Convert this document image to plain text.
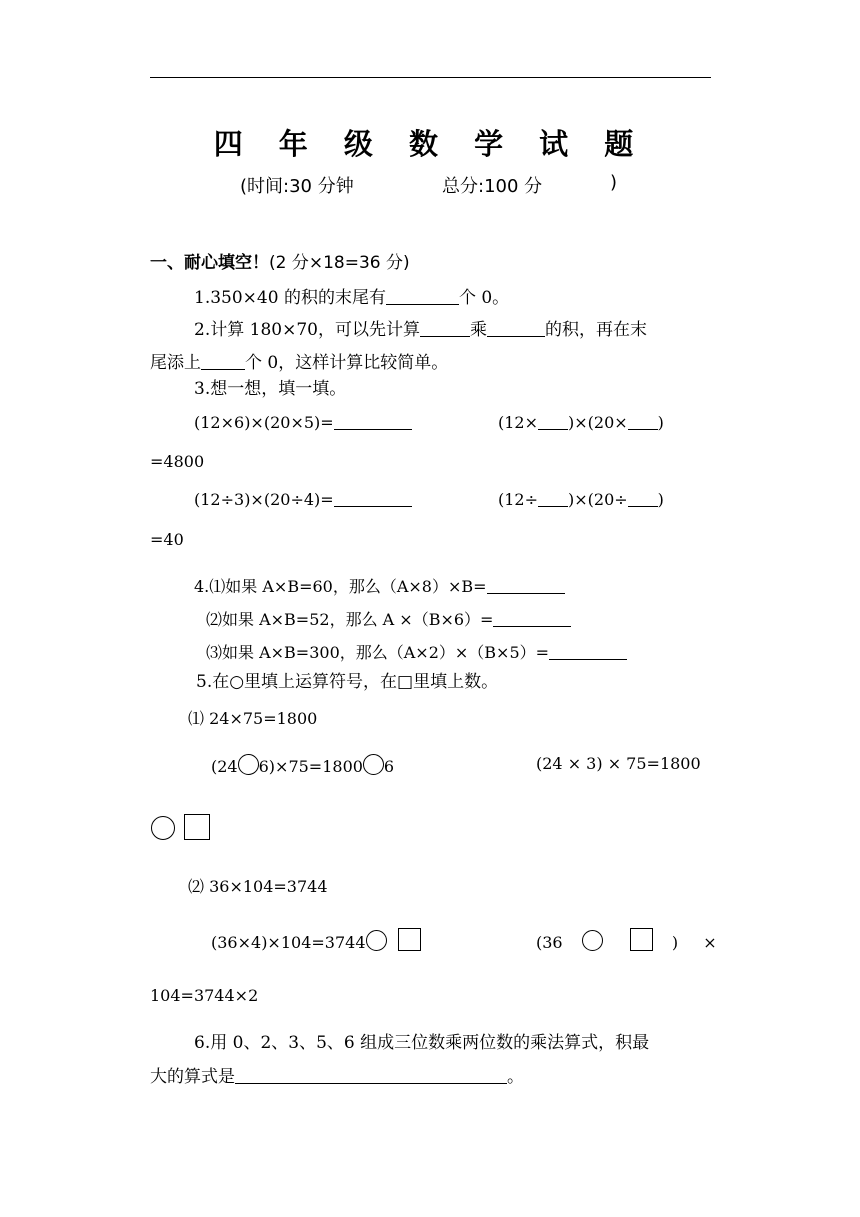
四 年 级 数 学 试 题
(时间:30 分钟	总分:100 分	)
一、耐心填空！(2 分×18=36 分)
1.350×40 的积的末尾有	个 0。
2.计算 180×70，可以先计算	乘	的积，再在末
尾添上	个 0，这样计算比较简单。
3.想一想，填一填。
(12×6)×(20×5)=	(12× )×(20× )
=4800
(12÷3)×(20÷4)=	(12÷ )×(20÷ )
=40
4.⑴如果 A×B=60，那么（A×8）×B=
⑵如果 A×B=52，那么 A ×（B×6）=
⑶如果 A×B=300，那么（A×2）×（B×5）=
5.在○里填上运算符号，在□里填上数。
⑴ 24×75=1800
(24 6)×75=1800 6	(24 × 3) × 75=1800

⑵ 36×104=3744
(36×4)×104=3744	(36	) ×
104=3744×2
6.用 0、2、3、5、6 组成三位数乘两位数的乘法算式，积最
大的算式是	。
